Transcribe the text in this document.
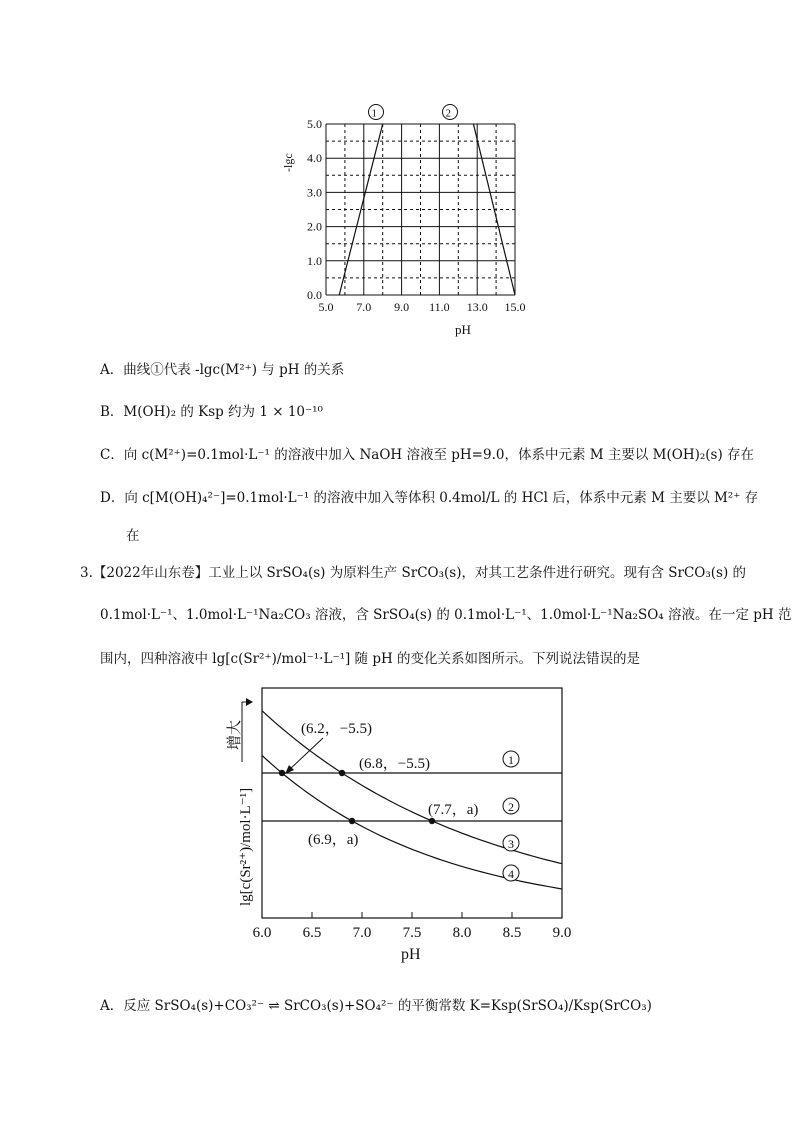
-lgc
pH
1	2
5.0 7.0 9.0 11.0 13.0 15.0
0.0
1.0
2.0
3.0
4.0
5.0
A．曲线①代表 -lgc(M²⁺) 与 pH 的关系
B．M(OH)₂ 的 Ksp 约为 1 × 10⁻¹⁰
C．向 c(M²⁺)=0.1mol·L⁻¹ 的溶液中加入 NaOH 溶液至 pH=9.0，体系中元素 M 主要以 M(OH)₂(s) 存在
D．向 c[M(OH)₄²⁻]=0.1mol·L⁻¹ 的溶液中加入等体积 0.4mol/L 的 HCl 后，体系中元素 M 主要以 M²⁺ 存
在
3.【2022年山东卷】工业上以 SrSO₄(s) 为原料生产 SrCO₃(s)，对其工艺条件进行研究。现有含 SrCO₃(s) 的
0.1mol·L⁻¹、1.0mol·L⁻¹Na₂CO₃ 溶液，含 SrSO₄(s) 的 0.1mol·L⁻¹、1.0mol·L⁻¹Na₂SO₄ 溶液。在一定 pH 范
围内，四种溶液中 lg[c(Sr²⁺)/mol⁻¹·L⁻¹] 随 pH 的变化关系如图所示。下列说法错误的是
lg[c(Sr²⁺)/mol·L⁻¹]
增大
pH
6.0 6.5 7.0 7.5 8.0 8.5 9.0
(6.2，−5.5)
(6.8，−5.5)
(7.7，a)
(6.9，a)
1
2
3
4
A．反应 SrSO₄(s)+CO₃²⁻ ⇌ SrCO₃(s)+SO₄²⁻ 的平衡常数 K=Ksp(SrSO₄)/Ksp(SrCO₃)
